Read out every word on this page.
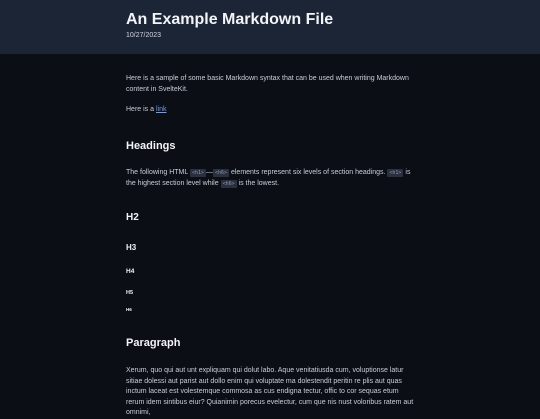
An Example Markdown File
10/27/2023

Here is a sample of some basic Markdown syntax that can be used when writing Markdown content in SvelteKit.

Here is a link

Headings

The following HTML <h1> — <h6> elements represent six levels of section headings. <h1> is the highest section level while <h6> is the lowest.

H2
H3
H4
H5
H6
Paragraph
Xerum, quo qui aut unt expliquam qui dolut labo. Aque venitatiusda cum, voluptionse latur sitiae dolessi aut parist aut dollo enim qui voluptate ma dolestendit peritin re plis aut quas inctum laceat est volestemque commosa as cus endigna tectur, offic to cor sequas etum rerum idem sintibus eiur? Quianimin porecus evelectur, cum que nis nust voloribus ratem aut omnimi,
